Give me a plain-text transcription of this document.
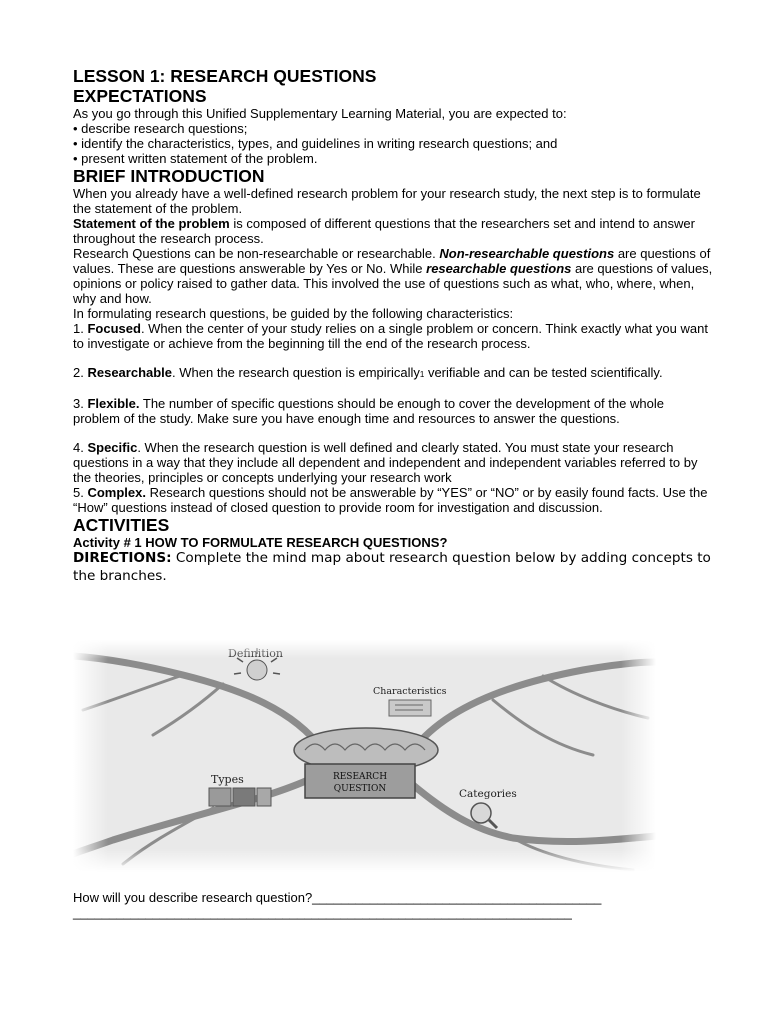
LESSON 1: RESEARCH QUESTIONS
EXPECTATIONS

As you go through this Unified Supplementary Learning Material, you are expected to:

• describe research questions;

• identify the characteristics, types, and guidelines in writing research questions; and

• present written statement of the problem.

BRIEF INTRODUCTION

When you already have a well-defined research problem for your research study, the next step is to formulate the statement of the problem.

Statement of the problem is composed of different questions that the researchers set and intend to answer throughout the research process.

Research Questions can be non-researchable or researchable. Non-researchable questions are questions of values. These are questions answerable by Yes or No. While researchable questions are questions of values, opinions or policy raised to gather data. This involved the use of questions such as what, who, where, when, why and how.

In formulating research questions, be guided by the following characteristics:

1. Focused. When the center of your study relies on a single problem or concern. Think exactly what you want to investigate or achieve from the beginning till the end of the research process.

2. Researchable. When the research question is empirically1 verifiable and can be tested scientifically.

3. Flexible. The number of specific questions should be enough to cover the development of the whole problem of the study. Make sure you have enough time and resources to answer the questions.

4. Specific. When the research question is well defined and clearly stated. You must state your research questions in a way that they include all dependent and independent and independent variables referred to by the theories, principles or concepts underlying your research work

5. Complex. Research questions should not be answerable by “YES” or “NO” or by easily found facts. Use the “How” questions instead of closed question to provide room for investigation and discussion.

ACTIVITIES

Activity # 1 HOW TO FORMULATE RESEARCH QUESTIONS?

DIRECTIONS: Complete the mind map about research question below by adding concepts to the branches.

How will you describe research question?________________________________________
_____________________________________________________________________
